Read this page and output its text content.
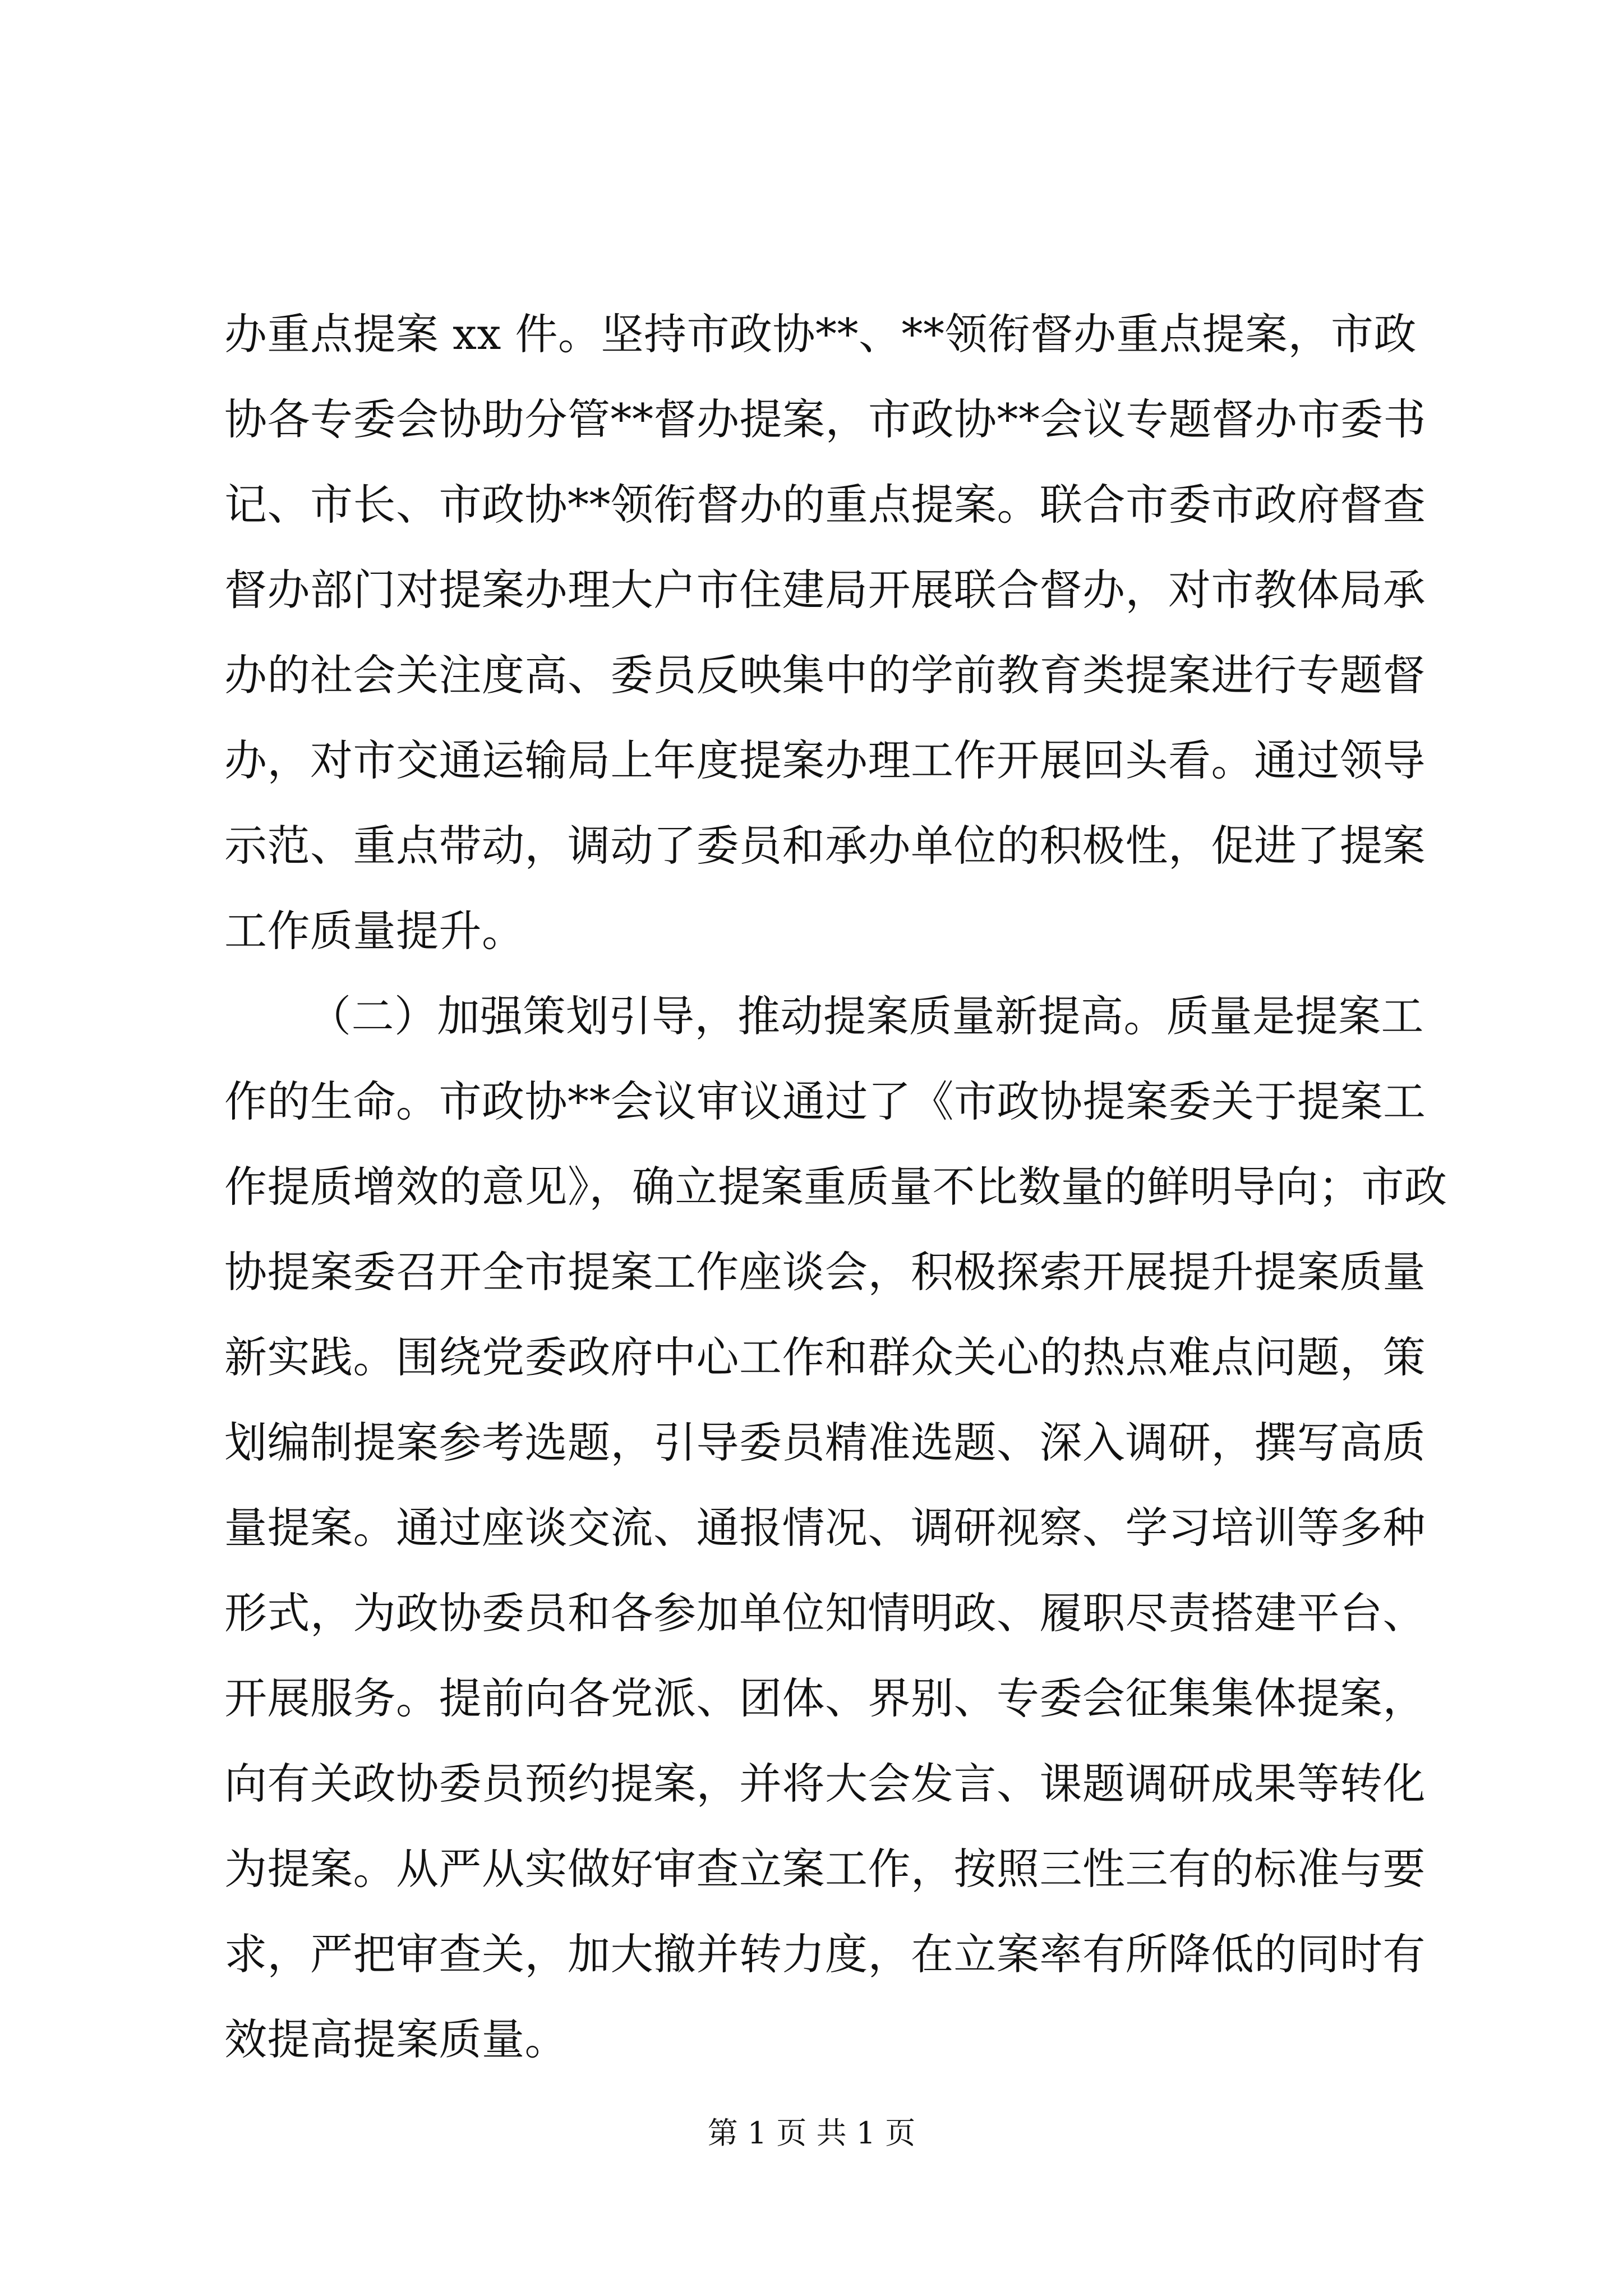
办重点提案 xx 件。坚持市政协**、**领衔督办重点提案，市政
协各专委会协助分管**督办提案，市政协**会议专题督办市委书
记、市长、市政协**领衔督办的重点提案。联合市委市政府督查
督办部门对提案办理大户市住建局开展联合督办，对市教体局承
办的社会关注度高、委员反映集中的学前教育类提案进行专题督
办，对市交通运输局上年度提案办理工作开展回头看。通过领导
示范、重点带动，调动了委员和承办单位的积极性，促进了提案
工作质量提升。
（二）加强策划引导，推动提案质量新提高。质量是提案工
作的生命。市政协**会议审议通过了《市政协提案委关于提案工
作提质增效的意见》，确立提案重质量不比数量的鲜明导向；市政
协提案委召开全市提案工作座谈会，积极探索开展提升提案质量
新实践。围绕党委政府中心工作和群众关心的热点难点问题，策
划编制提案参考选题，引导委员精准选题、深入调研，撰写高质
量提案。通过座谈交流、通报情况、调研视察、学习培训等多种
形式，为政协委员和各参加单位知情明政、履职尽责搭建平台、
开展服务。提前向各党派、团体、界别、专委会征集集体提案，
向有关政协委员预约提案，并将大会发言、课题调研成果等转化
为提案。从严从实做好审查立案工作，按照三性三有的标准与要
求，严把审查关，加大撤并转力度，在立案率有所降低的同时有
效提高提案质量。
第 1 页 共 1 页
